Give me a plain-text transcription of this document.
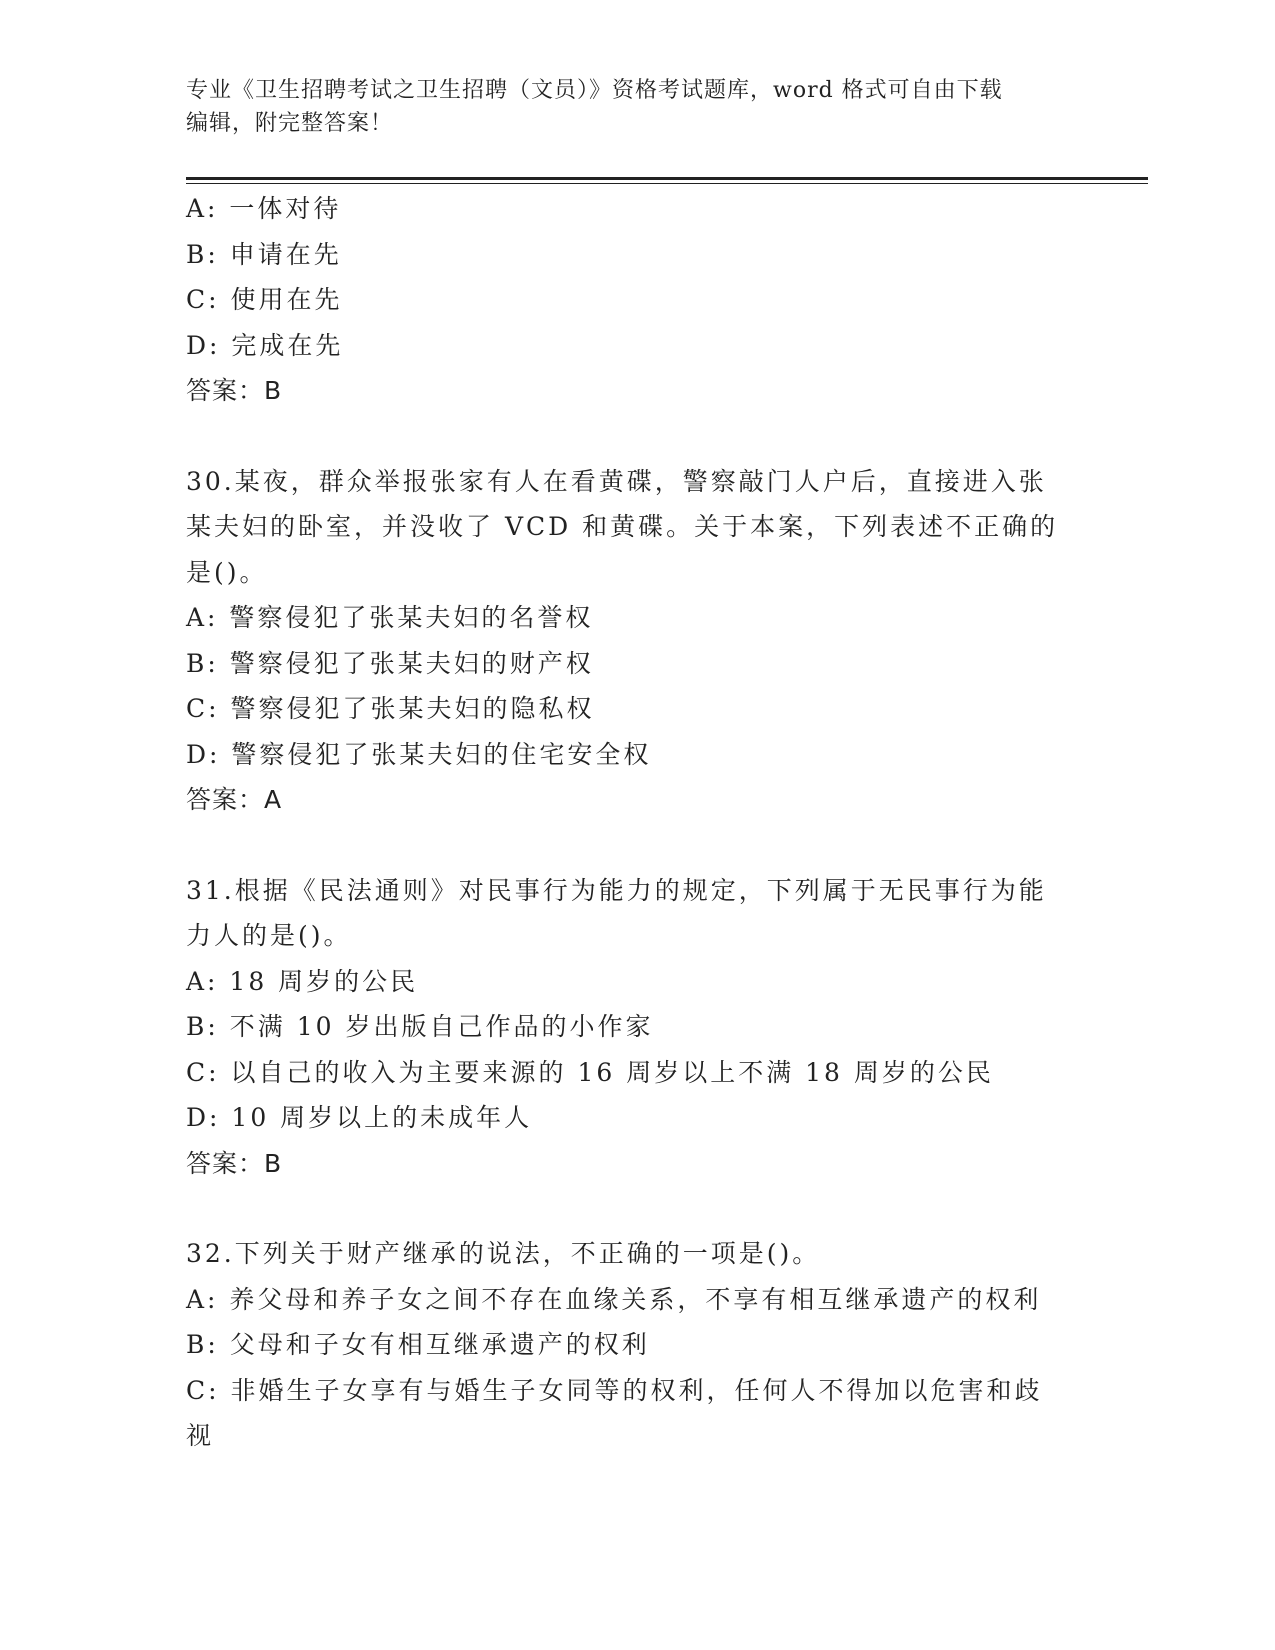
专业《卫生招聘考试之卫生招聘（文员）》资格考试题库，word 格式可自由下载
编辑，附完整答案！
A: 一体对待
B: 申请在先
C: 使用在先
D: 完成在先
答案：B
30.某夜，群众举报张家有人在看黄碟，警察敲门人户后，直接进入张
某夫妇的卧室，并没收了 VCD 和黄碟。关于本案，下列表述不正确的
是()。
A: 警察侵犯了张某夫妇的名誉权
B: 警察侵犯了张某夫妇的财产权
C: 警察侵犯了张某夫妇的隐私权
D: 警察侵犯了张某夫妇的住宅安全权
答案：A
31.根据《民法通则》对民事行为能力的规定，下列属于无民事行为能
力人的是()。
A: 18 周岁的公民
B: 不满 10 岁出版自己作品的小作家
C: 以自己的收入为主要来源的 16 周岁以上不满 18 周岁的公民
D: 10 周岁以上的未成年人
答案：B
32.下列关于财产继承的说法，不正确的一项是()。
A: 养父母和养子女之间不存在血缘关系，不享有相互继承遗产的权利
B: 父母和子女有相互继承遗产的权利
C: 非婚生子女享有与婚生子女同等的权利，任何人不得加以危害和歧
视
